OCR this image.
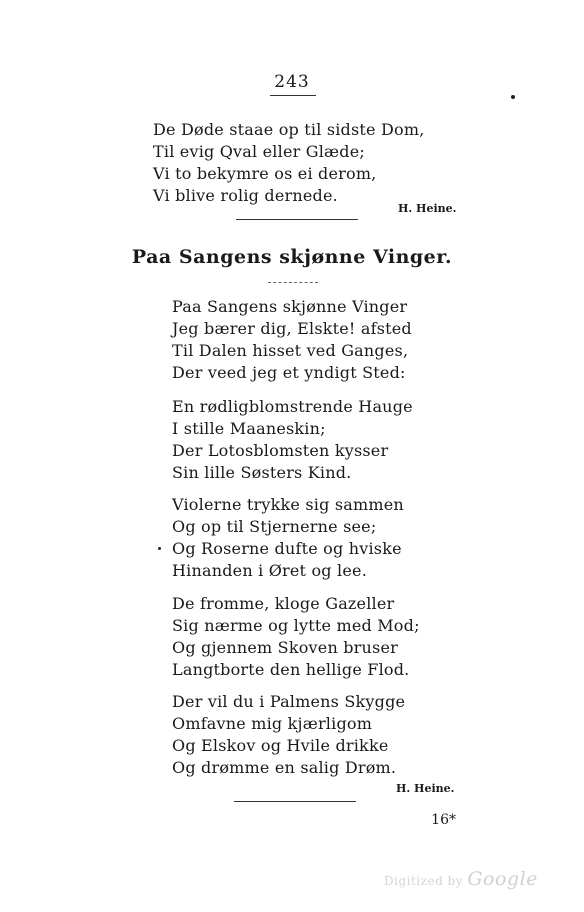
243
De Døde staae op til sidste Dom,
Til evig Qval eller Glæde;
Vi to bekymre os ei derom,
Vi blive rolig dernede.
H. Heine.
Paa Sangens skjønne Vinger.
Paa Sangens skjønne Vinger
Jeg bærer dig, Elskte! afsted
Til Dalen hisset ved Ganges,
Der veed jeg et yndigt Sted:
En rødligblomstrende Hauge
I stille Maaneskin;
Der Lotosblomsten kysser
Sin lille Søsters Kind.
Violerne trykke sig sammen
Og op til Stjernerne see;
Og Roserne dufte og hviske
Hinanden i Øret og lee.
De fromme, kloge Gazeller
Sig nærme og lytte med Mod;
Og gjennem Skoven bruser
Langtborte den hellige Flod.
Der vil du i Palmens Skygge
Omfavne mig kjærligom
Og Elskov og Hvile drikke
Og drømme en salig Drøm.
H. Heine.
16*
Digitized by Google
